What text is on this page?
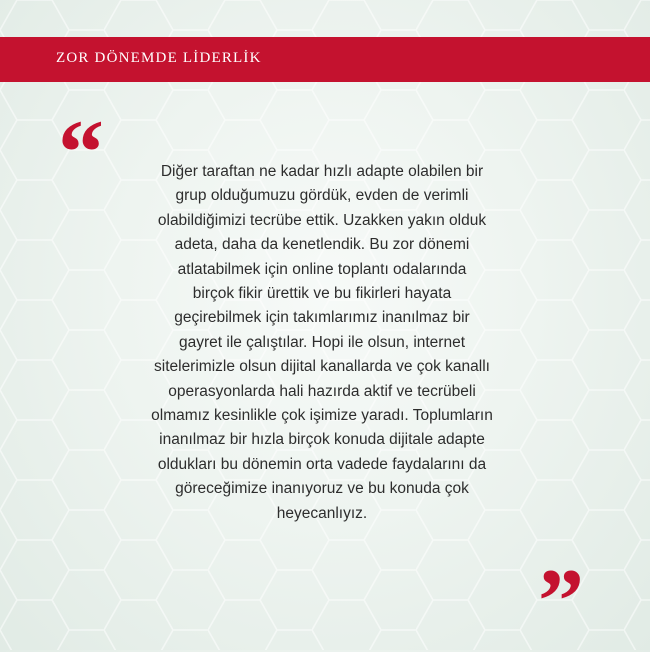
ZOR DÖNEMDE LİDERLİK
“	Diğer taraftan ne kadar hızlı adapte olabilen bir
grup olduğumuzu gördük, evden de verimli
olabildiğimizi tecrübe ettik. Uzakken yakın olduk
adeta, daha da kenetlendik. Bu zor dönemi
atlatabilmek için online toplantı odalarında
birçok fikir ürettik ve bu fikirleri hayata
geçirebilmek için takımlarımız inanılmaz bir
gayret ile çalıştılar. Hopi ile olsun, internet
sitelerimizle olsun dijital kanallarda ve çok kanallı
operasyonlarda hali hazırda aktif ve tecrübeli
olmamız kesinlikle çok işimize yaradı. Toplumların
inanılmaz bir hızla birçok konuda dijitale adapte
oldukları bu dönemin orta vadede faydalarını da
göreceğimize inanıyoruz ve bu konuda çok
heyecanlıyız.
”
